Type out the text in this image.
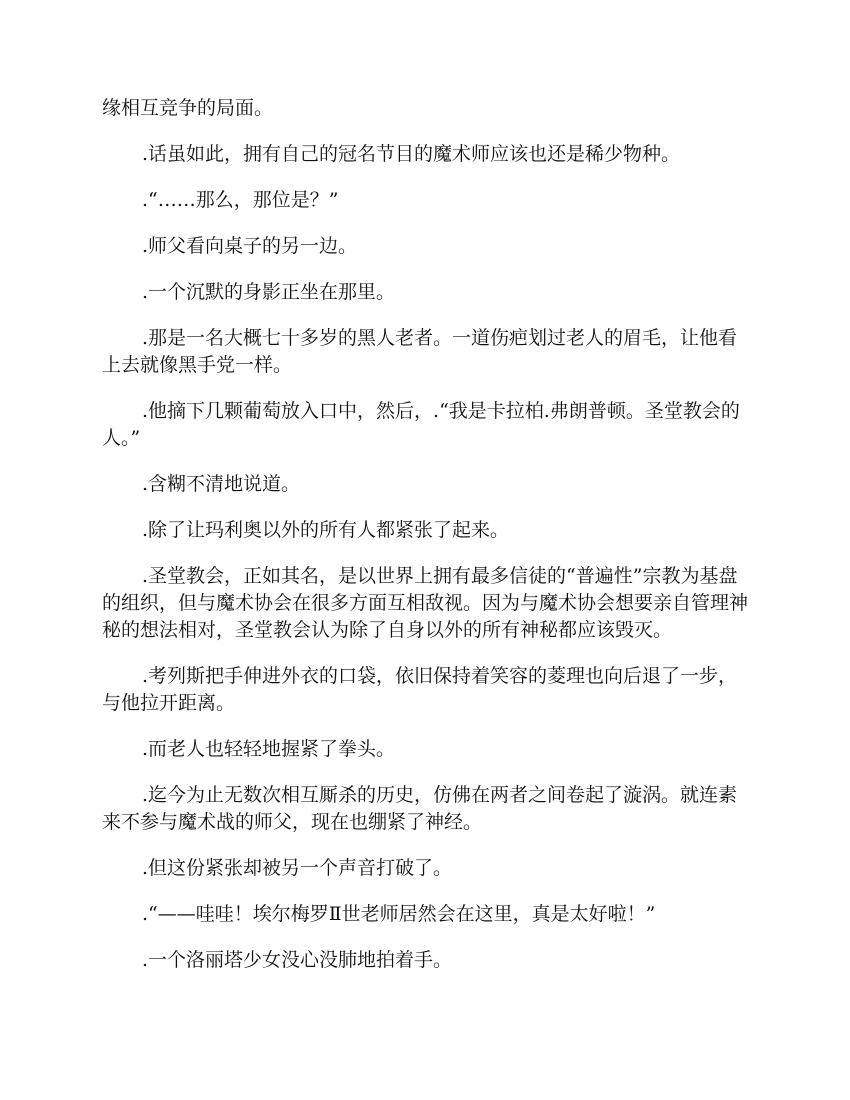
缘相互竞争的局面。

.话虽如此，拥有自己的冠名节目的魔术师应该也还是稀少物种。

.“……那么，那位是？”

.师父看向桌子的另一边。

.一个沉默的身影正坐在那里。

.那是一名大概七十多岁的黑人老者。一道伤疤划过老人的眉毛，让他看上去就像黑手党一样。

.他摘下几颗葡萄放入口中，然后，.“我是卡拉柏.弗朗普顿。圣堂教会的人。”

.含糊不清地说道。

.除了让玛利奥以外的所有人都紧张了起来。

.圣堂教会，正如其名，是以世界上拥有最多信徒的“普遍性”宗教为基盘的组织，但与魔术协会在很多方面互相敌视。因为与魔术协会想要亲自管理神秘的想法相对，圣堂教会认为除了自身以外的所有神秘都应该毁灭。

.考列斯把手伸进外衣的口袋，依旧保持着笑容的菱理也向后退了一步，与他拉开距离。

.而老人也轻轻地握紧了拳头。

.迄今为止无数次相互厮杀的历史，仿佛在两者之间卷起了漩涡。就连素来不参与魔术战的师父，现在也绷紧了神经。

.但这份紧张却被另一个声音打破了。

.“——哇哇！埃尔梅罗Ⅱ世老师居然会在这里，真是太好啦！”

.一个洛丽塔少女没心没肺地拍着手。
